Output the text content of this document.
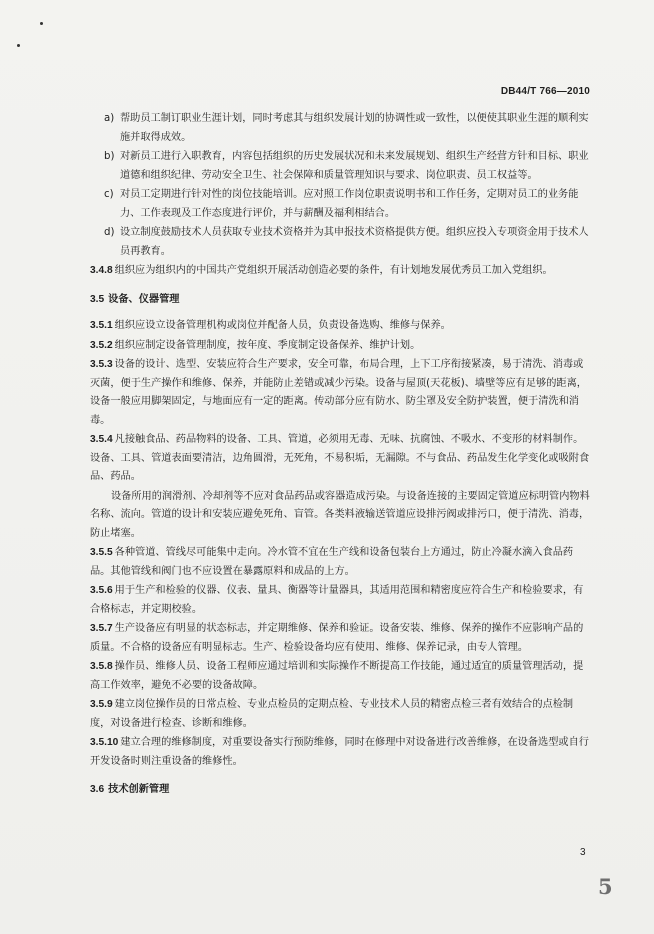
DB44/T 766—2010
a) 帮助员工制订职业生涯计划，同时考虑其与组织发展计划的协调性或一致性，以便使其职业生涯的顺利实施并取得成效。
b) 对新员工进行入职教育，内容包括组织的历史发展状况和未来发展规划、组织生产经营方针和目标、职业道德和组织纪律、劳动安全卫生、社会保障和质量管理知识与要求、岗位职责、员工权益等。
c) 对员工定期进行针对性的岗位技能培训。应对照工作岗位职责说明书和工作任务，定期对员工的业务能力、工作表现及工作态度进行评价，并与薪酬及福利相结合。
d) 设立制度鼓励技术人员获取专业技术资格并为其申报技术资格提供方便。组织应投入专项资金用于技术人员再教育。
3.4.8 组织应为组织内的中国共产党组织开展活动创造必要的条件，有计划地发展优秀员工加入党组织。
3.5 设备、仪器管理
3.5.1 组织应设立设备管理机构或岗位并配备人员，负责设备选购、维修与保养。
3.5.2 组织应制定设备管理制度，按年度、季度制定设备保养、维护计划。
3.5.3 设备的设计、选型、安装应符合生产要求，安全可靠，布局合理，上下工序衔接紧凑，易于清洗、消毒或灭菌，便于生产操作和维修、保养，并能防止差错或减少污染。设备与屋顶(天花板)、墙壁等应有足够的距离，设备一般应用脚架固定，与地面应有一定的距离。传动部分应有防水、防尘罩及安全防护装置，便于清洗和消毒。
3.5.4 凡接触食品、药品物料的设备、工具、管道，必须用无毒、无味、抗腐蚀、不吸水、不变形的材料制作。设备、工具、管道表面要清洁，边角圆滑，无死角，不易积垢，无漏隙。不与食品、药品发生化学变化或吸附食品、药品。
设备所用的润滑剂、冷却剂等不应对食品药品或容器造成污染。与设备连接的主要固定管道应标明管内物料名称、流向。管道的设计和安装应避免死角、盲管。各类料液输送管道应设排污阀或排污口，便于清洗、消毒，防止堵塞。
3.5.5 各种管道、管线尽可能集中走向。冷水管不宜在生产线和设备包装台上方通过，防止冷凝水滴入食品药品。其他管线和阀门也不应设置在暴露原料和成品的上方。
3.5.6 用于生产和检验的仪器、仪表、量具、衡器等计量器具，其适用范围和精密度应符合生产和检验要求，有合格标志，并定期校验。
3.5.7 生产设备应有明显的状态标志，并定期维修、保养和验证。设备安装、维修、保养的操作不应影响产品的质量。不合格的设备应有明显标志。生产、检验设备均应有使用、维修、保养记录，由专人管理。
3.5.8 操作员、维修人员、设备工程师应通过培训和实际操作不断提高工作技能，通过适宜的质量管理活动，提高工作效率，避免不必要的设备故障。
3.5.9 建立岗位操作员的日常点检、专业点检员的定期点检、专业技术人员的精密点检三者有效结合的点检制度，对设备进行检查、诊断和维修。
3.5.10 建立合理的维修制度，对重要设备实行预防维修，同时在修理中对设备进行改善维修，在设备选型或自行开发设备时则注重设备的维修性。
3.6 技术创新管理
3
5
